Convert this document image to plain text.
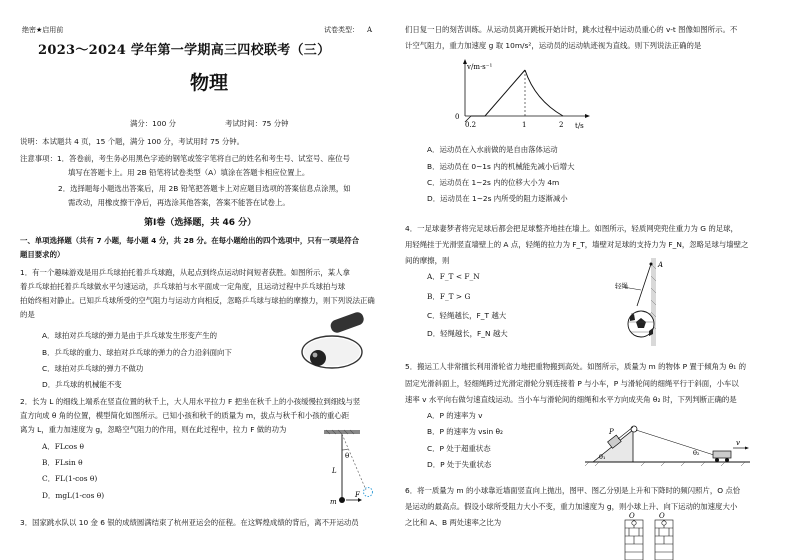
绝密★启用前	试卷类型： A
2023～2024 学年第一学期高三四校联考（三）
物理
满分：100 分	考试时间：75 分钟
说明：本试题共 4 页，15 个题，满分 100 分，考试用时 75 分钟。
注意事项：1．答卷前，考生务必用黑色字迹的钢笔或签字笔将自己的姓名和考生号、试室号、座位号
填写在答题卡上。用 2B 铅笔将试卷类型（A）填涂在答题卡相应位置上。
2．选择题每小题选出答案后，用 2B 铅笔把答题卡上对应题目选项的答案信息点涂黑，如
需改动，用橡皮擦干净后，再选涂其他答案，答案不能答在试卷上。
第Ⅰ卷（选择题，共 46 分）
一、单项选择题（共有 7 小题，每小题 4 分，共 28 分。在每小题给出的四个选项中，只有一项是符合
题目要求的）
1．有一个趣味游戏是用乒乓球拍托着乒乓球跑，从起点到终点运动时间短者获胜。如图所示，某人拿
着乒乓球拍托着乒乓球做水平匀速运动，乒乓球拍与水平面成一定角度，且运动过程中乒乓球拍与球
拍始终相对静止。已知乒乓球所受的空气阻力与运动方向相反，忽略乒乓球与球拍的摩擦力，则下列说法正确
的是
A．球拍对乒乓球的弹力是由于乒乓球发生形变产生的
B．乒乓球的重力、球拍对乒乓球的弹力的合力沿斜面向下
C．球拍对乒乓球的弹力不做功
D．乒乓球的机械能不变
2．长为 L 的细线上端系在竖直位置的秋千上，大人用水平拉力 F 把坐在秋千上的小孩缓慢拉到细线与竖
直方向成 θ 角的位置，模型简化如图所示。已知小孩和秋千的质量为 m，拔点与秋千和小孩的重心距
离为 L，重力加速度为 g，忽略空气阻力的作用，则在此过程中，拉力 F 做的功为
A．FLcos θ
B．FLsin θ
C．FL(1-cos θ)
D．mgL(1-cos θ)
θ
L
m
F
3．国家跳水队以 10 金 6 银的成绩圆满结束了杭州亚运会的征程。在这辉煌成绩的背后，离不开运动员
们日复一日的刻苦训练。从运动员离开跳板开始计时，跳水过程中运动员重心的 v-t 图像如图所示。不
计空气阻力，重力加速度 g 取 10m/s²，运动员的运动轨迹视为直线。则下列说法正确的是
v/m·s⁻¹
t/s
0
0.2	1	2
A．运动员在入水前做的是自由落体运动
B．运动员在 0~1s 内的机械能先减小后增大
C．运动员在 1~2s 内的位移大小为 4m
D．运动员在 1~2s 内所受的阻力逐渐减小
4．一足球妻梦者将完足球后都会把足球整齐地挂在墙上。如图所示，轻质网兜兜住重力为 G 的足球，
用轻绳挂于光滑竖直墙壁上的 A 点，轻绳的拉力为 F_T，墙壁对足球的支持力为 F_N，忽略足球与墙壁之
间的摩擦，则
A．F_T < F_N
B．F_T > G
C．轻绳越长，F_T 越大
D．轻绳越长，F_N 越大
A
轻绳
5．搬运工人非常擅长利用滑轮省力地把重物搬到高处。如图所示，质量为 m 的物体 P 置于倾角为 θ₁ 的
固定光滑斜面上，轻细绳跨过光滑定滑轮分别连接着 P 与小车，P 与滑轮间的细绳平行于斜面，小车以
速率 v 水平向右做匀速直线运动。当小车与滑轮间的细绳和水平方向成夹角 θ₂ 时，下列判断正确的是
A．P 的速率为 v
B．P 的速率为 vsin θ₂
C．P 处于超重状态
D．P 处于失重状态
P
v
θ₁	θ₂
6．将一质量为 m 的小球靠近墙面竖直向上抛出，图甲、图乙分别是上升和下降时的频闪照片，O 点恰
是运动的最高点。假设小球所受阻力大小不变，重力加速度为 g，则小球上升、向下运动的加速度大小
之比和 A、B 两处速率之比为
O	O
